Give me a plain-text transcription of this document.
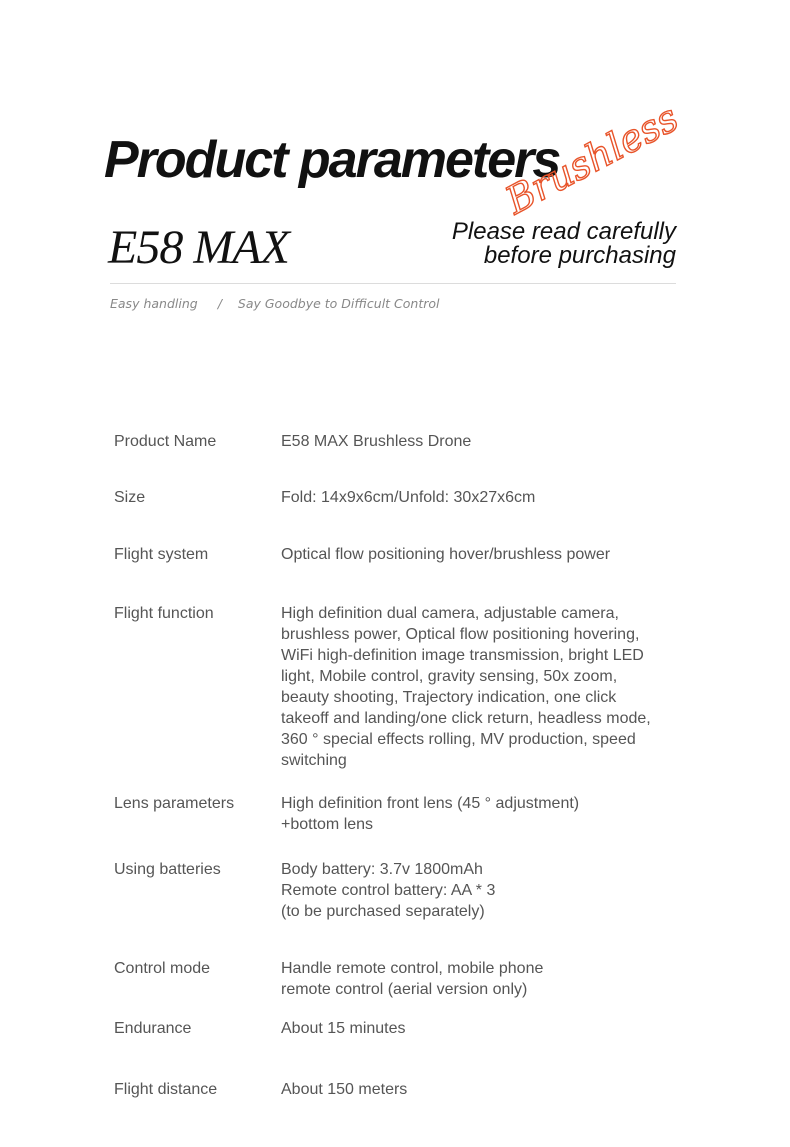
Product parameters
Brushless
E58 MAX	Please read carefully
before purchasing
Easy handling / Say Goodbye to Difficult Control
Product Name	E58 MAX Brushless Drone
Size	Fold: 14x9x6cm/Unfold: 30x27x6cm
Flight system	Optical flow positioning hover/brushless power
Flight function	High definition dual camera, adjustable camera,
brushless power, Optical flow positioning hovering,
WiFi high-definition image transmission, bright LED
light, Mobile control, gravity sensing, 50x zoom,
beauty shooting, Trajectory indication, one click
takeoff and landing/one click return, headless mode,
360 ° special effects rolling, MV production, speed
switching
Lens parameters	High definition front lens (45 ° adjustment)
+bottom lens
Using batteries	Body battery: 3.7v 1800mAh
Remote control battery: AA * 3
(to be purchased separately)
Control mode	Handle remote control, mobile phone
remote control (aerial version only)
Endurance	About 15 minutes
Flight distance	About 150 meters
